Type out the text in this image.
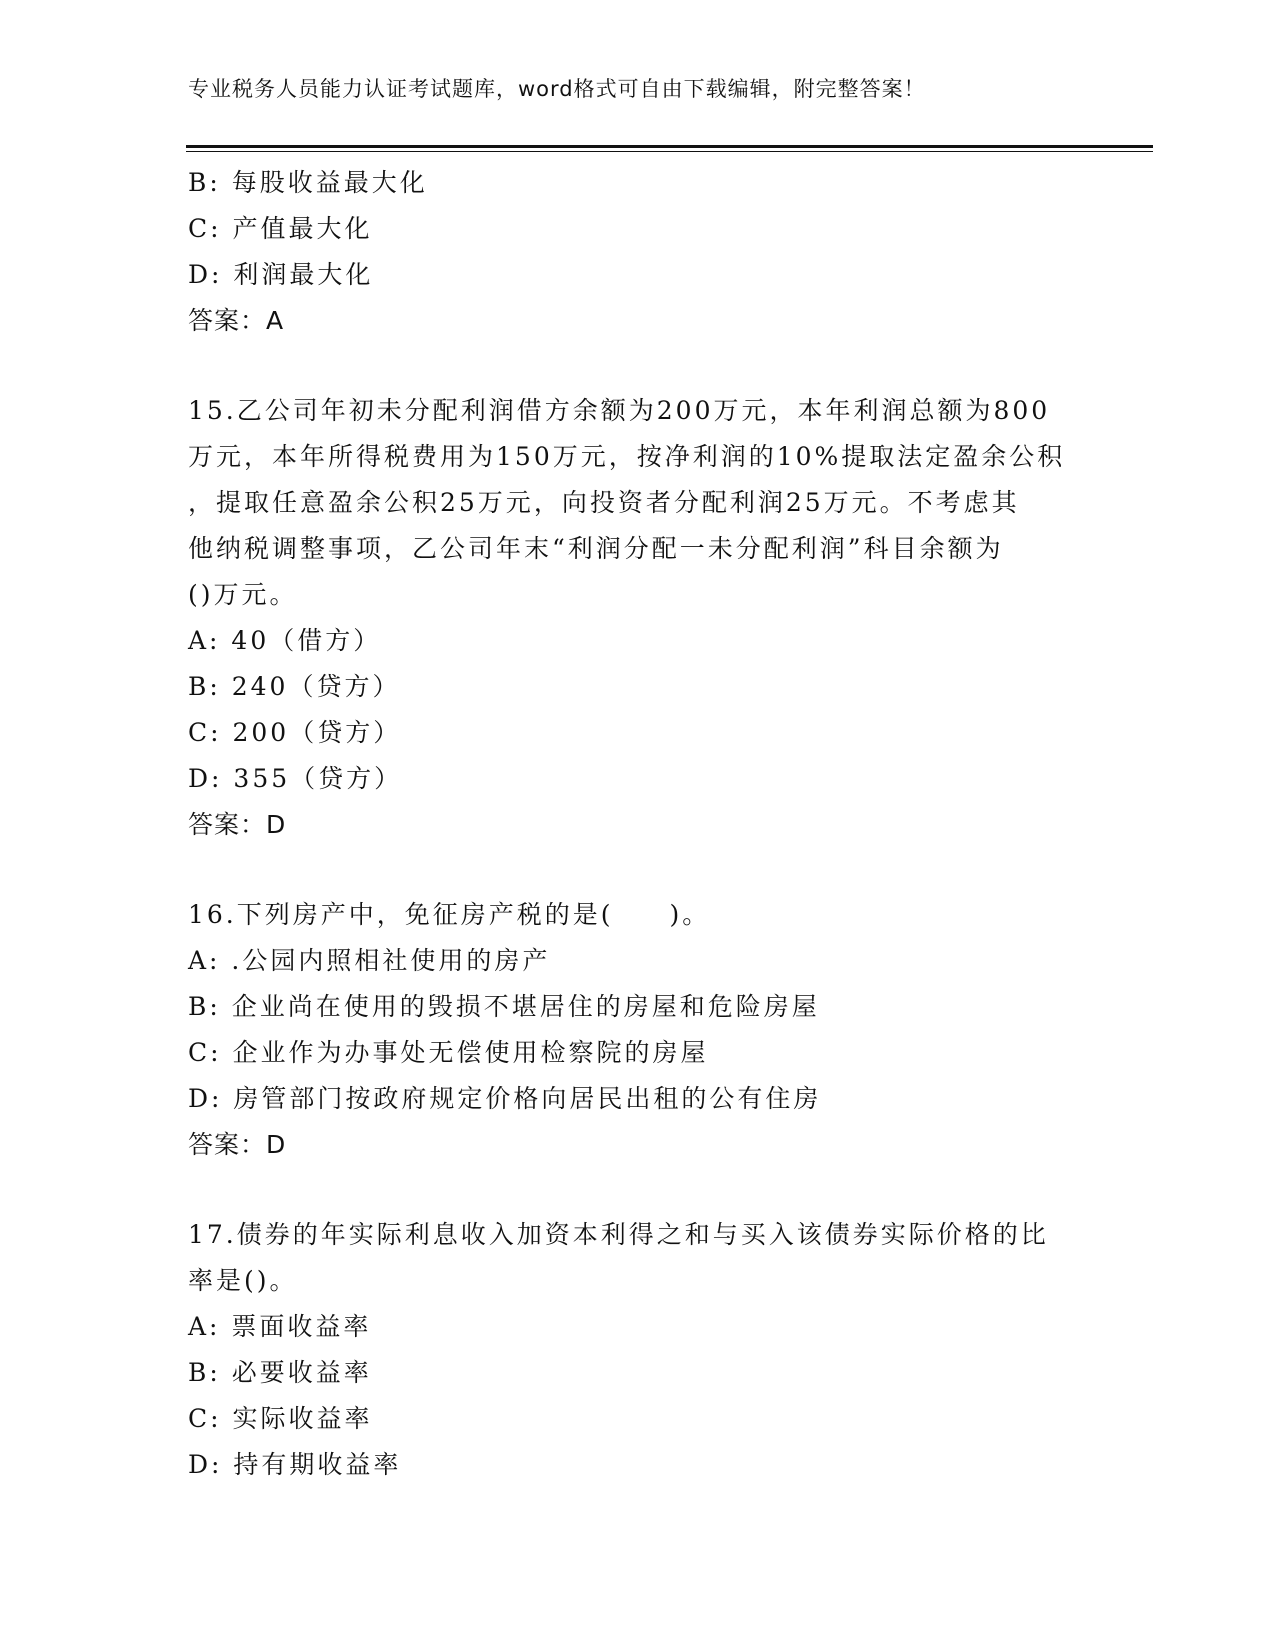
专业税务人员能力认证考试题库，word格式可自由下载编辑，附完整答案！
B: 每股收益最大化
C: 产值最大化
D: 利润最大化
答案：A
15.乙公司年初未分配利润借方余额为200万元，本年利润总额为800
万元，本年所得税费用为150万元，按净利润的10%提取法定盈余公积
，提取任意盈余公积25万元，向投资者分配利润25万元。不考虑其
他纳税调整事项，乙公司年末“利润分配一未分配利润”科目余额为
()万元。
A: 40（借方）
B: 240（贷方）
C: 200（贷方）
D: 355（贷方）
答案：D
16.下列房产中，免征房产税的是(　　)。
A: .公园内照相社使用的房产
B: 企业尚在使用的毁损不堪居住的房屋和危险房屋
C: 企业作为办事处无偿使用检察院的房屋
D: 房管部门按政府规定价格向居民出租的公有住房
答案：D
17.债券的年实际利息收入加资本利得之和与买入该债券实际价格的比
率是()。
A: 票面收益率
B: 必要收益率
C: 实际收益率
D: 持有期收益率
